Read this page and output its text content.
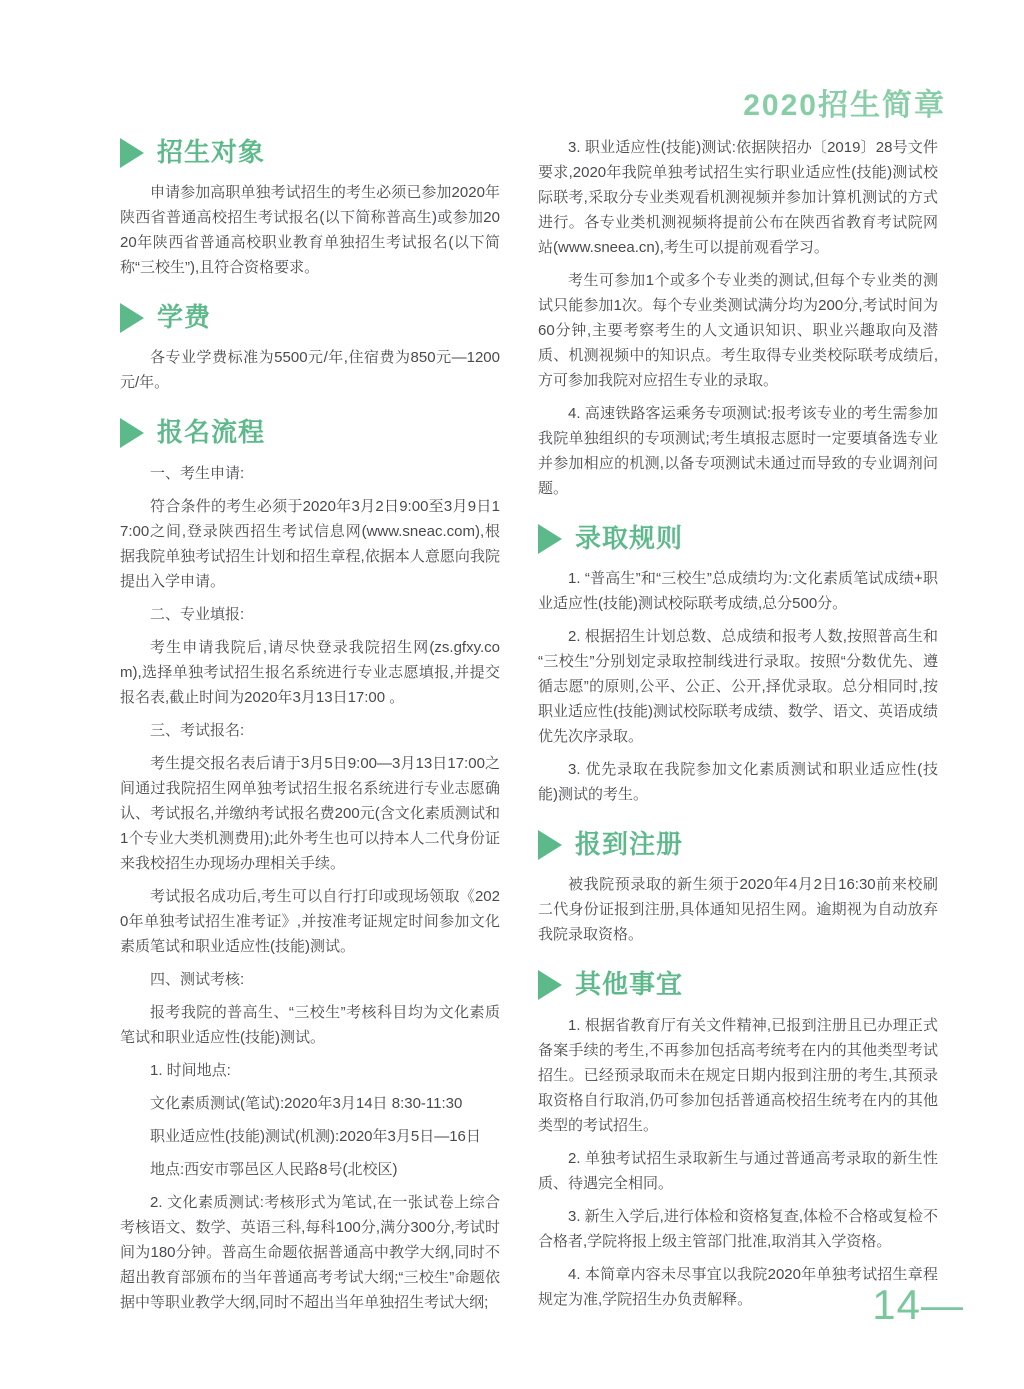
2020招生简章
招生对象

申请参加高职单独考试招生的考生必须已参加2020年陕西省普通高校招生考试报名(以下简称普高生)或参加2020年陕西省普通高校职业教育单独招生考试报名(以下简称“三校生”),且符合资格要求。

学费

各专业学费标准为5500元/年,住宿费为850元—1200元/年。

报名流程

一、考生申请:

符合条件的考生必须于2020年3月2日9:00至3月9日17:00之间,登录陕西招生考试信息网(www.sneac.com),根据我院单独考试招生计划和招生章程,依据本人意愿向我院提出入学申请。

二、专业填报:

考生申请我院后,请尽快登录我院招生网(zs.gfxy.com),选择单独考试招生报名系统进行专业志愿填报,并提交报名表,截止时间为2020年3月13日17:00 。

三、考试报名:

考生提交报名表后请于3月5日9:00—3月13日17:00之间通过我院招生网单独考试招生报名系统进行专业志愿确认、考试报名,并缴纳考试报名费200元(含文化素质测试和1个专业大类机测费用);此外考生也可以持本人二代身份证来我校招生办现场办理相关手续。

考试报名成功后,考生可以自行打印或现场领取《2020年单独考试招生准考证》,并按准考证规定时间参加文化素质笔试和职业适应性(技能)测试。

四、测试考核:

报考我院的普高生、“三校生”考核科目均为文化素质笔试和职业适应性(技能)测试。

1. 时间地点:

文化素质测试(笔试):2020年3月14日 8:30-11:30

职业适应性(技能)测试(机测):2020年3月5日—16日

地点:西安市鄠邑区人民路8号(北校区)

2. 文化素质测试:考核形式为笔试,在一张试卷上综合考核语文、数学、英语三科,每科100分,满分300分,考试时间为180分钟。普高生命题依据普通高中教学大纲,同时不超出教育部颁布的当年普通高考考试大纲;“三校生”命题依据中等职业教学大纲,同时不超出当年单独招生考试大纲;

3. 职业适应性(技能)测试:依据陕招办〔2019〕28号文件要求,2020年我院单独考试招生实行职业适应性(技能)测试校际联考,采取分专业类观看机测视频并参加计算机测试的方式进行。各专业类机测视频将提前公布在陕西省教育考试院网站(www.sneea.cn),考生可以提前观看学习。

考生可参加1个或多个专业类的测试,但每个专业类的测试只能参加1次。每个专业类测试满分均为200分,考试时间为60分钟,主要考察考生的人文通识知识、职业兴趣取向及潜质、机测视频中的知识点。考生取得专业类校际联考成绩后,方可参加我院对应招生专业的录取。

4. 高速铁路客运乘务专项测试:报考该专业的考生需参加我院单独组织的专项测试;考生填报志愿时一定要填备选专业并参加相应的机测,以备专项测试未通过而导致的专业调剂问题。

录取规则

1. “普高生”和“三校生”总成绩均为:文化素质笔试成绩+职业适应性(技能)测试校际联考成绩,总分500分。

2. 根据招生计划总数、总成绩和报考人数,按照普高生和“三校生”分别划定录取控制线进行录取。按照“分数优先、遵循志愿”的原则,公平、公正、公开,择优录取。总分相同时,按职业适应性(技能)测试校际联考成绩、数学、语文、英语成绩优先次序录取。

3. 优先录取在我院参加文化素质测试和职业适应性(技能)测试的考生。

报到注册

被我院预录取的新生须于2020年4月2日16:30前来校刷二代身份证报到注册,具体通知见招生网。逾期视为自动放弃我院录取资格。

其他事宜

1. 根据省教育厅有关文件精神,已报到注册且已办理正式备案手续的考生,不再参加包括高考统考在内的其他类型考试招生。已经预录取而未在规定日期内报到注册的考生,其预录取资格自行取消,仍可参加包括普通高校招生统考在内的其他类型的考试招生。

2. 单独考试招生录取新生与通过普通高考录取的新生性质、待遇完全相同。

3. 新生入学后,进行体检和资格复查,体检不合格或复检不合格者,学院将报上级主管部门批准,取消其入学资格。

4. 本简章内容未尽事宜以我院2020年单独考试招生章程规定为准,学院招生办负责解释。	14—
